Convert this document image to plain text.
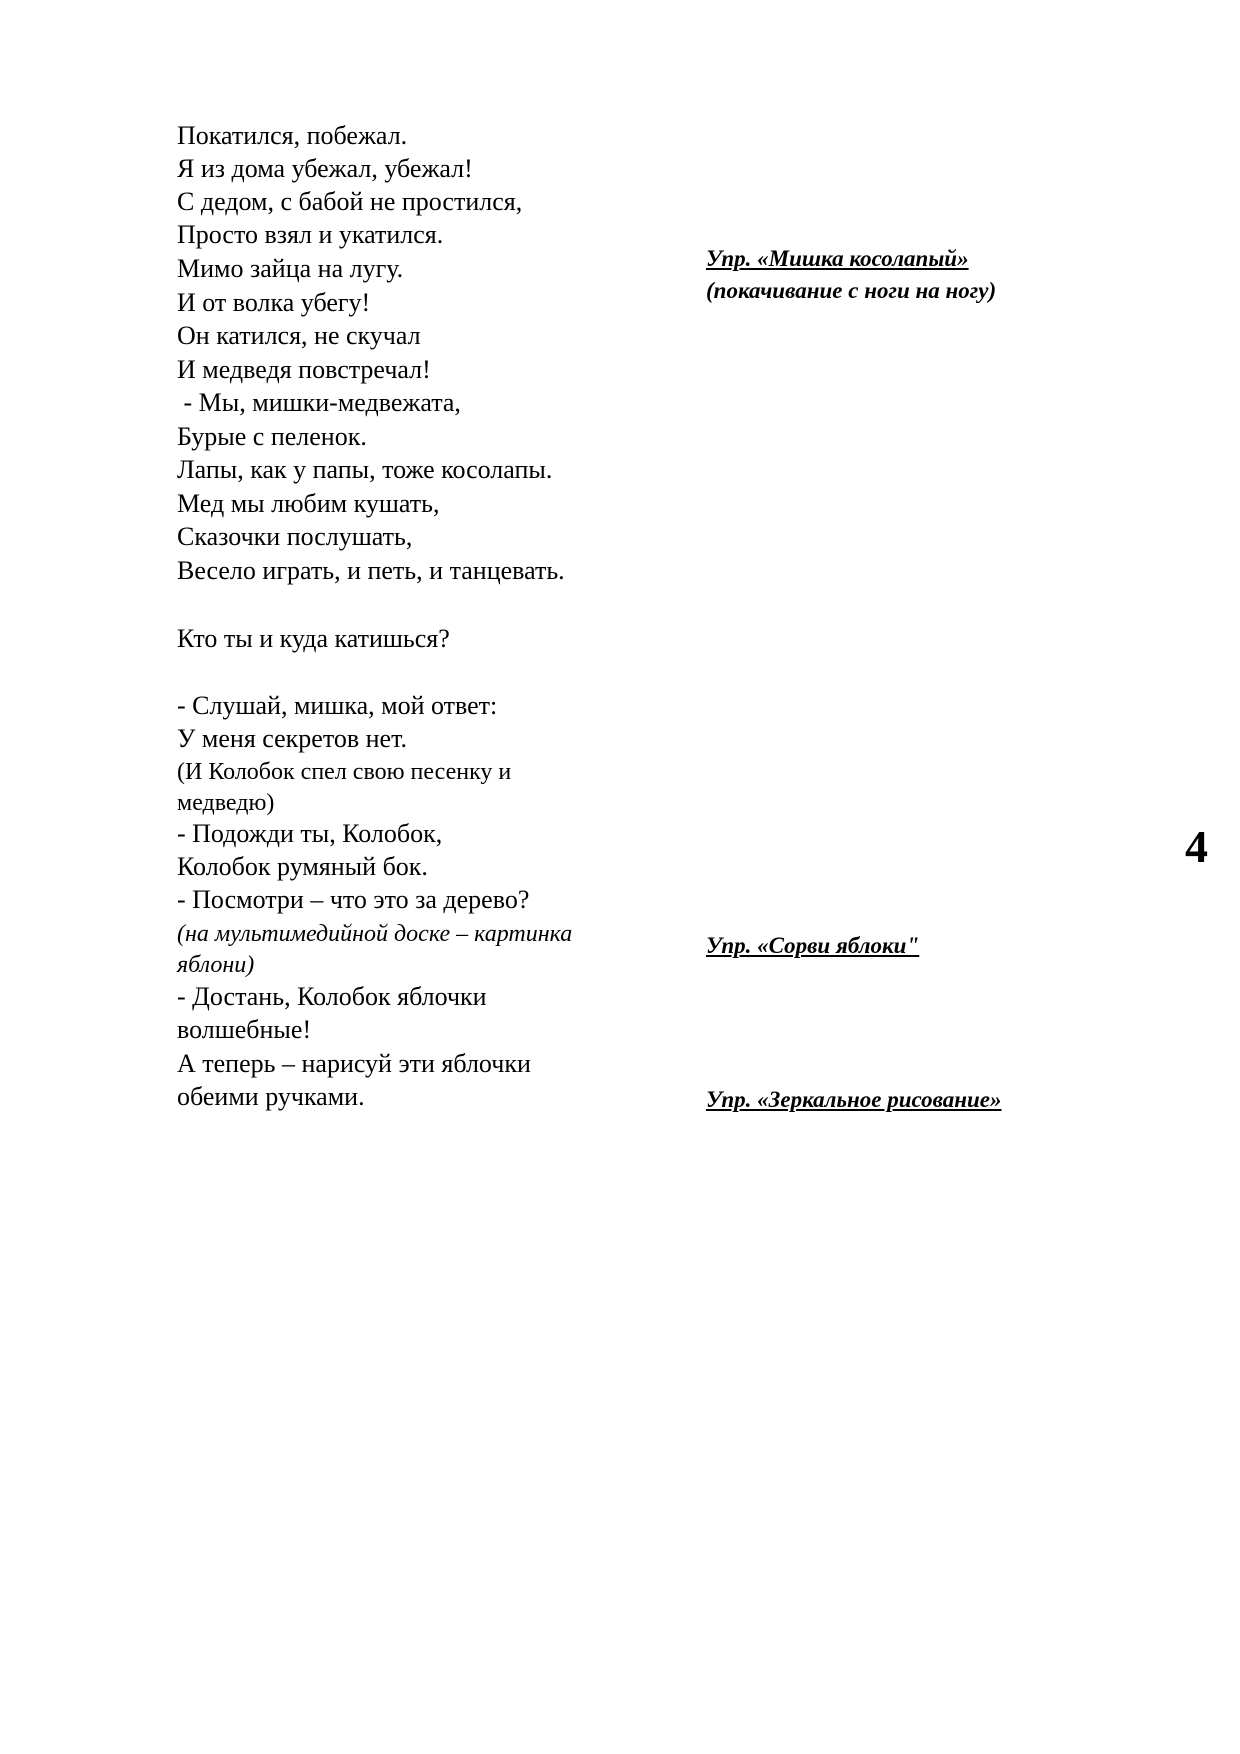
Покатился, побежал.
Я из дома убежал, убежал!
С дедом, с бабой не простился,
Просто взял и укатился.
Мимо зайца на лугу.
И от волка убегу!
Он катился, не скучал
И медведя повстречал!
- Мы, мишки-медвежата,
Бурые с пеленок.
Лапы, как у папы, тоже косолапы.
Мед мы любим кушать,
Сказочки послушать,
Весело играть, и петь, и танцевать.
Кто ты и куда катишься?
- Слушай, мишка, мой ответ:
У меня секретов нет.
(И Колобок спел свою песенку и
медведю)
- Подожди ты, Колобок,
Колобок румяный бок.
- Посмотри – что это за дерево?
(на мультимедийной доске – картинка
яблони)
- Достань, Колобок яблочки
волшебные!
А теперь – нарисуй эти яблочки
обеими ручками.
Упр. «Мишка косолапый»
(покачивание с ноги на ногу)
Упр. «Сорви яблоки"
Упр. «Зеркальное рисование»
4
